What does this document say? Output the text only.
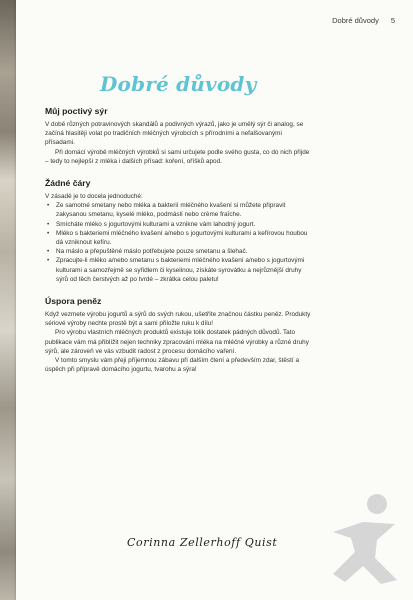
Dobré důvody 5
Dobré důvody
Můj poctivý sýr

V době různých potravinových skandálů a podivných výrazů, jako je umělý sýr či analog, se začíná hlasitěji volat po tradičních mléčných výrobcích s přírodními a nefalšovanými přísadami.

Při domácí výrobě mléčných výrobků si sami určujete podle svého gusta, co do nich přijde – tedy to nejlepší z mléka i dalších přísad: koření, oříšků apod.

Žádné čáry

V zásadě je to docela jednoduché:

• Ze samotné smetany nebo mléka a bakterií mléčného kvašení si můžete připravit zakysanou smetanu, kyselé mléko, podmáslí nebo crème fraîche.
• Smícháte mléko s jogurtovými kulturami a vznikne vám lahodný jogurt.
• Mléko s bakteriemi mléčného kvašení a/nebo s jogurtovými kulturami a kefírovou houbou dá vzniknout kefíru.
• Na máslo a přepuštěné máslo potřebujete pouze smetanu a šlehač.
• Zpracujte-li mléko a/nebo smetanu s bakteriemi mléčného kvašení a/nebo s jogurtovými kulturami a samozřejmě se syřidlem či kyselinou, získáte syrovátku a nejrůznější druhy sýrů od těch čerstvých až po tvrdé – zkrátka celou paletu!
Úspora peněz

Když vezmete výrobu jogurtů a sýrů do svých rukou, ušetříte značnou částku peněz. Produkty sériové výroby nechte prostě být a sami přiložte ruku k dílu!

Pro výrobu vlastních mléčných produktů existuje tolik dostatek pádných důvodů. Tato publikace vám má přiblížit nejen techniky zpracování mléka na mléčné výrobky a různé druhy sýrů, ale zároveň ve vás vzbudit radost z procesu domácího vaření.

V tomto smyslu vám přeji příjemnou zábavu při dalším čtení a především zdar, štěstí a úspěch při přípravě domácího jogurtu, tvarohu a sýra!

Corinna Zellerhoff Quist
